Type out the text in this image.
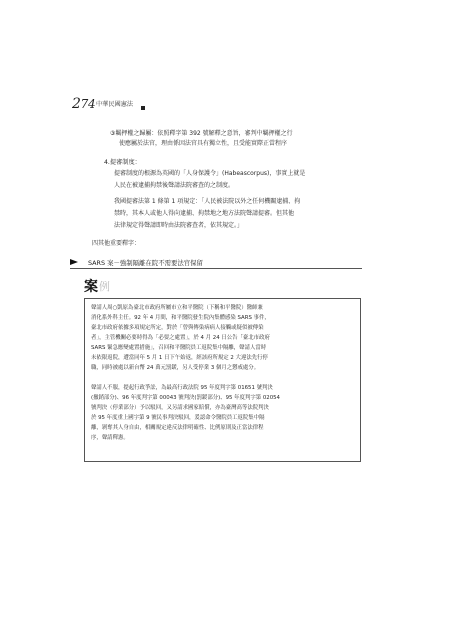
274 中華民國憲法
③羈押權之歸屬：依照釋字第 392 號解釋之意旨，審判中羈押權之行
使應屬於法官，理由係因法官具有獨立性，且受能實際正當程序
4.提審制度：
提審制度的根源為英國的「人身保護令」(Habeascorpus)，事實上就是
人民在被逮捕拘禁後聲請法院審查的之制度。
我國提審法第 1 條第 1 項規定：「人民被法院以外之任何機關逮捕、拘
禁時，其本人或他人得向逮捕、拘禁地之地方法院聲請提審。但其他
法律規定得聲請即時由法院審查者，依其規定。」
四其他重要釋字：
SARS 案－強制隔離在院不需要法官保留
案 例
聲請人周○凱原為臺北市政府所屬市立和平醫院（下稱和平醫院）醫師兼
消化系外科主任。92 年 4 月間，和平醫院發生院內集體感染 SARS 事件，
臺北市政府依據多項規定所定，對於「曾與傳染病病人接觸或疑似被傳染
者」，主管機關必要時得為「必要之處置」，於 4 月 24 日公告「臺北市政府
SARS 緊急應變處置措施」，召回和平醫院員工返院集中隔離，聲請人當時
未依限返院，遭當同年 5 月 1 日下午始返，經該府所規定 2 大違法先行停
職，同時被處以新台幣 24 萬元罰鍰，另人受停業 3 個月之懲戒處分。
聲請人不服，提起行政爭訟，為最高行政法院 95 年度判字第 01651 號判決
(撤銷部分)、96 年度判字第 00043 號判決(罰鍰部分)、95 年度判字第 02054
號判決（停業部分）予以駁回，又另請求國家賠償，亦為臺灣高等法院判決
於 95 年度重上國字第 9 號民事判決駁回，爰認命令醫院員工返院集中隔
離，剝奪其人身自由，相關規定違反法律明確性、比例原則及正當法律程
序，聲請釋憲。
